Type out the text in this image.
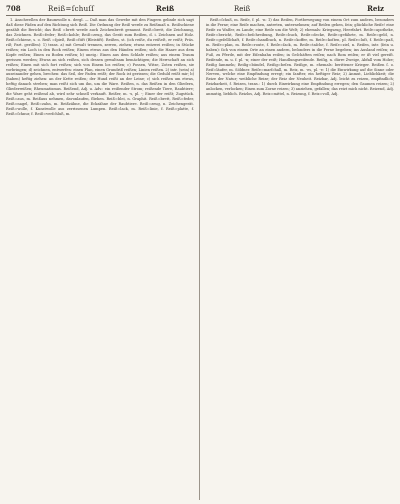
708	Reiß=ſchuſſ	Reiß	Reiß	Reiz

1. Anschwellen der Baumwolle u. dergl. — Daß man das Gewebe mit den Fingern gelinde sich sagt daß diese Fäden auf den Richtung sich Reiß. Die Ordnung der Reiß werde zu Reißmaß u. Reißschiene gezählt die Bericht; das Reiß =brett werde auch Zeichenbrett genannt. Reiß=brett, die Zeichnung, das Zeichnen. Reiß=feder; Reiß=kohle; Reiß=zeug, das Gerät zum Reißen, d. i. Zeichnen auf Holz. Reiß=ſchiene, s. o. Reiß =ſpieß, Reiß=ſtift (Bleistift). Reißen, st. (ich reiße, du reißeſt, er reißt; Präs. riß; Part. geriſſen): 1) trans. a) mit Gewalt trennen, zerren, ziehen; etwas entzwei reißen; in Stücke reißen; ein Loch in den Rock reißen; Einem etwas aus den Händen reißen; sich die Haare aus dem Kopfe reißen; Einen zu Boden reißen; b) uneig.: Einen aus dem Schlafe reißen; aus einem Traum gerissen werden; Etwas an sich reißen, sich dessen gewaltsam bemächtigen; die Herrschaft an sich reißen; Einen mit sich fort reißen; sich von Einem los reißen; c) Possen, Witze, Zoten reißen, sie vorbringen; d) zeichnen, entwerfen: einen Plan, einen Grundriß reißen; Linien reißen. 2) intr. (sein) a) auseinander gehen, brechen: das Seil, der Faden reißt; der Rock ist gerissen; die Geduld reißt mir; b) (haben) heftig ziehen: an der Kette reißen; der Hund reißt an der Leine; c) sich reißen um etwas, heftig danach streben; man reißt sich um ihn, um die Ware. Reißen, n. das Reißen in den Gliedern, Gliederreißen; Rheumatismus. Reißend, Adj. u. Adv.: ein reißender Strom; reißende Tiere, Raubtiere; die Ware geht reißend ab, wird sehr schnell verkauft. Reißer, m. -s, pl. -; Einer der reißt; Zugstück. Reiß=aus, m. Reißaus nehmen, davonlaufen, fliehen. Reiß=blei, n. Graphit. Reiß=brett, Reiß=feder, Reiß=nagel, Reiß=zahn, m. Reißzähne, die Eckzähne der Raubtiere. Reiß=zeug, n. Zeichengerät. Reiß=wolle, f. Kunstwolle aus zerrissenen Lumpen. Reiß=lack, m. Reiß=linie, f. Reiß=platte, f. Reiß=ſchnur, f. Reiß=verſchluß, m.

Reiß=ſchuß, m. Reiſe, f. pl. -n: 1) das Reiſen, Fortbewegung von einem Ort zum andern, besonders in die Ferne; eine Reiſe machen, antreten, unternehmen; auf Reiſen gehen, ſein; glückliche Reiſe! eine Reiſe zu Waſſer, zu Lande; eine Reiſe um die Welt; 2) ehemals: Kriegszug, Heerfahrt. Reiſe=apotheke, Reiſe=bericht, Reiſe=beſchreibung, Reiſe=buch, Reiſe=decke, Reiſe=gefährte, m. Reiſe=geld, n. Reiſe=geſellſchaft, f. Reiſe=handbuch, n. Reiſe=koffer, m. Reiſe=koſten, pl. Reiſe=luſt, f. Reiſe=paß, m. Reiſe=plan, m. Reiſe=route, f. Reiſe=ſack, m. Reiſe=taſche, f. Reiſe=ziel, n. Reiſen, intr. (ſein u. haben): ſich von einem Orte an einen andern, beſonders in die Ferne begeben; ins Ausland reiſen; zu Fuß, zu Pferde, mit der Eiſenbahn reiſen; in Geſchäften reiſen; nach Rom reiſen; er iſt viel gereiſt. Reiſende, m. u. f. pl. -n; einer der reiſt; Handlungsreiſende. Reiſig, n. dürre Zweige, Abfall vom Holze; Reiſig ſammeln; Reiſig=bündel, Reiſig=beſen. Reiſige, m. ehemals: berittener Krieger. Reißen ſ. o. Reiſ=läufer, m. Söldner. Reiſe=marſchall, m. Reiz, m. -es, pl. -e: 1) die Einwirkung auf die Sinne oder Nerven, welche eine Empfindung erregt; ein ſanfter, ein heftiger Reiz; 2) Anmut, Lieblichkeit; die Reize der Natur; weibliche Reize; der Reiz der Neuheit. Reizbar, Adj. leicht zu reizen, empfindlich; Reizbarkeit, f. Reizen, trans.: 1) durch Einwirkung eine Empfindung erregen; den Gaumen reizen; 2) anlocken, verlocken; Einen zum Zorne reizen; 3) anziehen, gefallen; das reizt mich nicht. Reizend, Adj. anmutig, lieblich. Reizlos, Adj. Reiz=mittel, n. Reizung, f. Reiz=voll, Adj.
